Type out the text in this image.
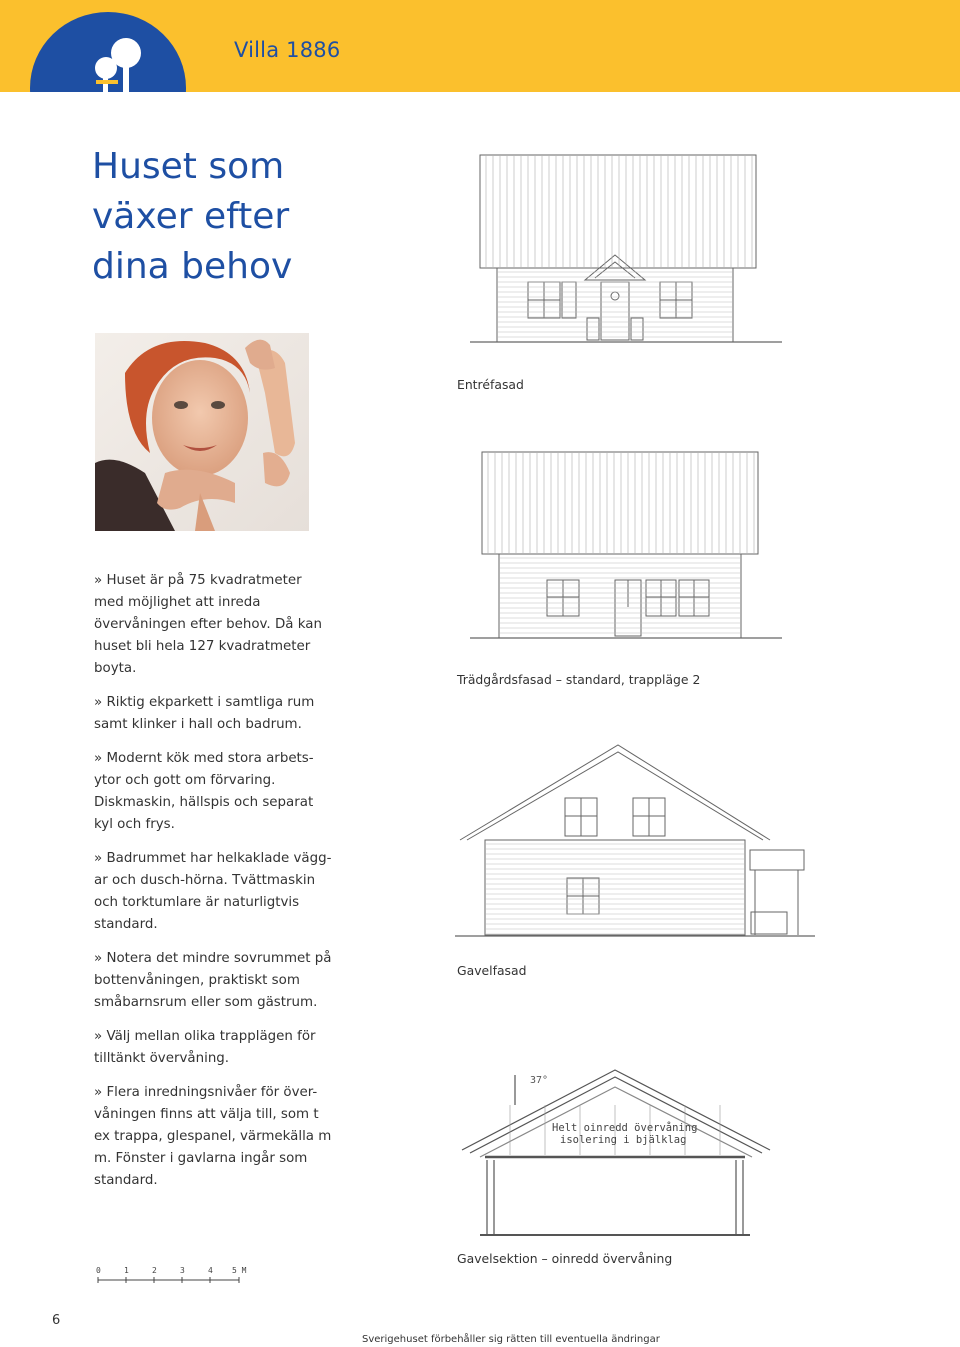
Villa 1886
Huset som
växer efter
dina behov
» Huset är på 75 kvadratmeter med möjlighet att inreda övervåningen efter behov. Då kan huset bli hela 127 kvadratmeter boyta.
» Riktig ekparkett i samtliga rum samt klinker i hall och badrum.
» Modernt kök med stora arbets-ytor och gott om förvaring. Diskmaskin, hällspis och separat kyl och frys.
» Badrummet har helkaklade vägg-ar och dusch-hörna. Tvättmaskin och torktumlare är naturligtvis standard.
» Notera det mindre sovrummet på bottenvåningen, praktiskt som småbarnsrum eller som gästrum.
» Välj mellan olika trapplägen för tilltänkt övervåning.
» Flera inredningsnivåer för över-våningen finns att välja till, som t ex trappa, glespanel, värmekälla m m. Fönster i gavlarna ingår som standard.
Entréfasad
Trädgårdsfasad – standard, trappläge 2
Gavelfasad
37°
Helt oinredd övervåning
isolering i bjälklag
Gavelsektion – oinredd övervåning
0	1	2	3	4 5 M
6
Sverigehuset förbehåller sig rätten till eventuella ändringar
